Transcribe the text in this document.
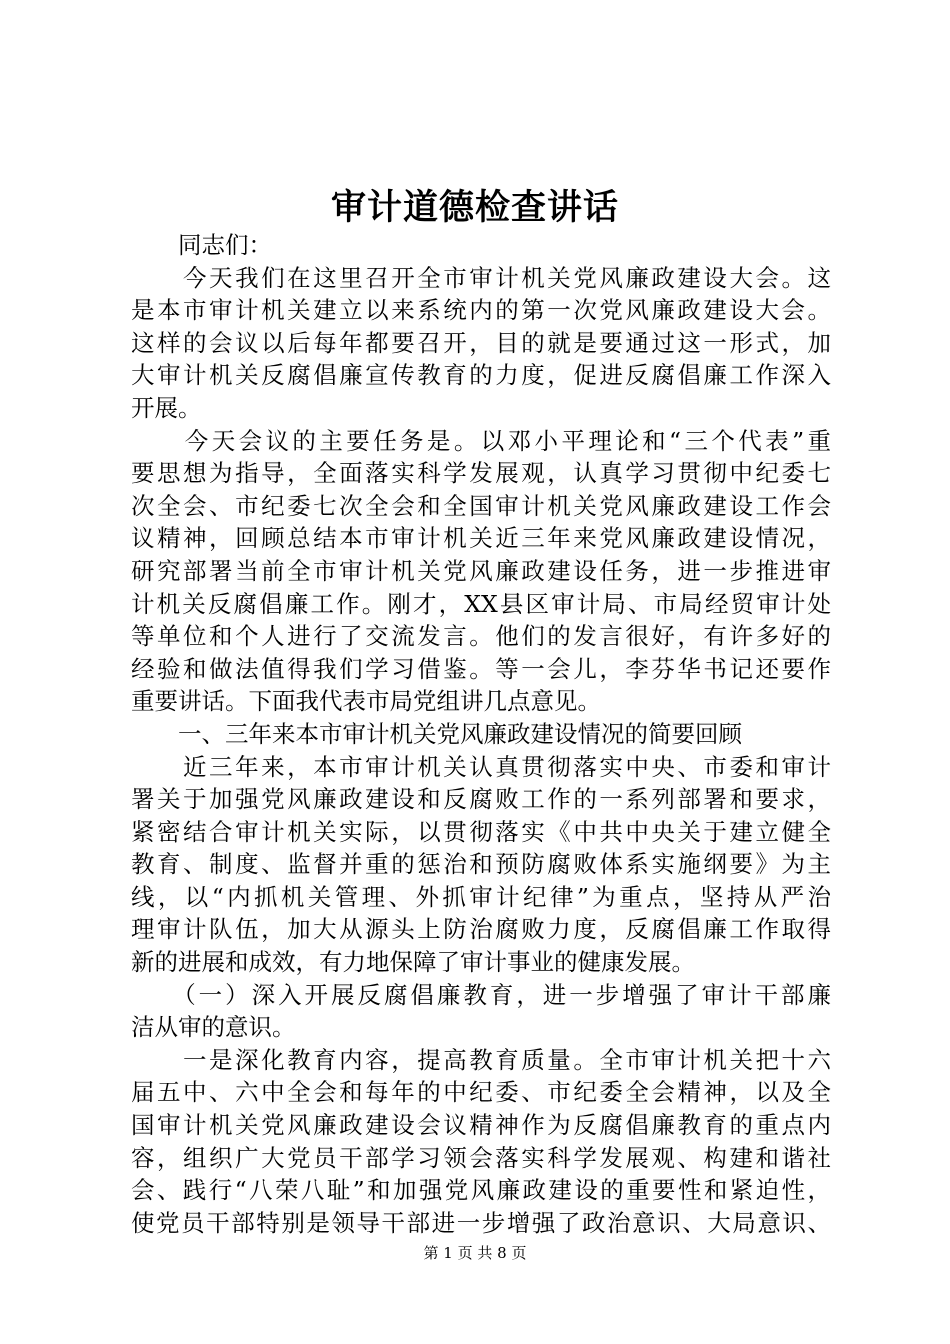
审计道德检查讲话
　　同志们：
　　今天我们在这里召开全市审计机关党风廉政建设大会。这
是本市审计机关建立以来系统内的第一次党风廉政建设大会。
这样的会议以后每年都要召开，目的就是要通过这一形式，加
大审计机关反腐倡廉宣传教育的力度，促进反腐倡廉工作深入
开展。
　　今天会议的主要任务是。以邓小平理论和“三个代表”重
要思想为指导，全面落实科学发展观，认真学习贯彻中纪委七
次全会、市纪委七次全会和全国审计机关党风廉政建设工作会
议精神，回顾总结本市审计机关近三年来党风廉政建设情况，
研究部署当前全市审计机关党风廉政建设任务，进一步推进审
计机关反腐倡廉工作。刚才，XX县区审计局、市局经贸审计处
等单位和个人进行了交流发言。他们的发言很好，有许多好的
经验和做法值得我们学习借鉴。等一会儿，李芬华书记还要作
重要讲话。下面我代表市局党组讲几点意见。
　　一、三年来本市审计机关党风廉政建设情况的简要回顾
　　近三年来，本市审计机关认真贯彻落实中央、市委和审计
署关于加强党风廉政建设和反腐败工作的一系列部署和要求，
紧密结合审计机关实际，以贯彻落实《中共中央关于建立健全
教育、制度、监督并重的惩治和预防腐败体系实施纲要》为主
线，以“内抓机关管理、外抓审计纪律”为重点，坚持从严治
理审计队伍，加大从源头上防治腐败力度，反腐倡廉工作取得
新的进展和成效，有力地保障了审计事业的健康发展。
　　（一）深入开展反腐倡廉教育，进一步增强了审计干部廉
洁从审的意识。
　　一是深化教育内容，提高教育质量。全市审计机关把十六
届五中、六中全会和每年的中纪委、市纪委全会精神，以及全
国审计机关党风廉政建设会议精神作为反腐倡廉教育的重点内
容，组织广大党员干部学习领会落实科学发展观、构建和谐社
会、践行“八荣八耻”和加强党风廉政建设的重要性和紧迫性，
使党员干部特别是领导干部进一步增强了政治意识、大局意识、
第 1 页 共 8 页
